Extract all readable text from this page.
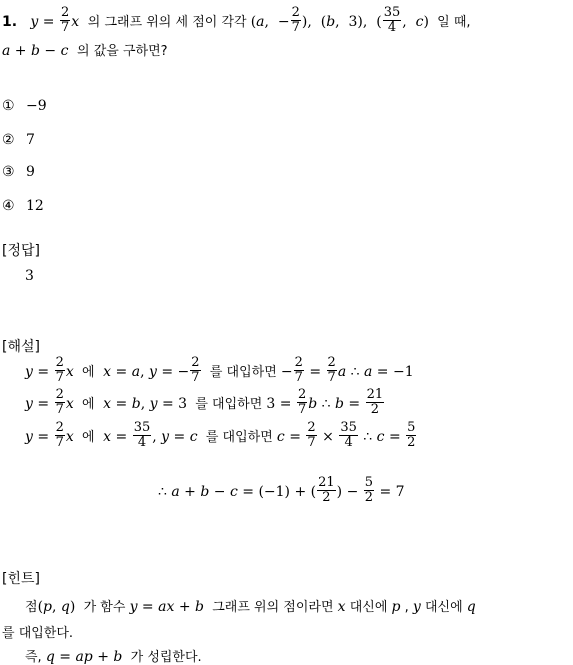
1. $y = \frac{2}{7}$ x  의 그래프 위의 세 점이 각각 (a,  − $\frac{2}{7}$ ),  (b,  3),  ( $\frac{35}{4}$ ,  c)  일 때,
a + b − c  의 값을 구하면?
① −9
② 7
③ 9
④ 12
[정답]
3
[해설]
$y = \frac{2}{7}$ x  에  x = a, y = − $\frac{2}{7}$ 를 대입하면 − $\frac{2}{7} = \frac{2}{7}$ a ∴ a = −1
$y = \frac{2}{7}$ x  에  x = b, y = 3  를 대입하면 $3 = \frac{2}{7}$ b ∴ $b = \frac{21}{2}$
$y = \frac{2}{7}$ x  에  $x = \frac{35}{4}$ , y = c  를 대입하면 $c = \frac{2}{7} \times \frac{35}{4}$ ∴ $c = \frac{5}{2}$
∴ a + b − c = (−1) + ( $\frac{21}{2}$ ) − $\frac{5}{2} = 7$
[힌트]
점(p, q)  가 함수 y = ax + b  그래프 위의 점이라면 x 대신에 p , y 대신에 q
를 대입한다.
즉, q = ap + b  가 성립한다.
